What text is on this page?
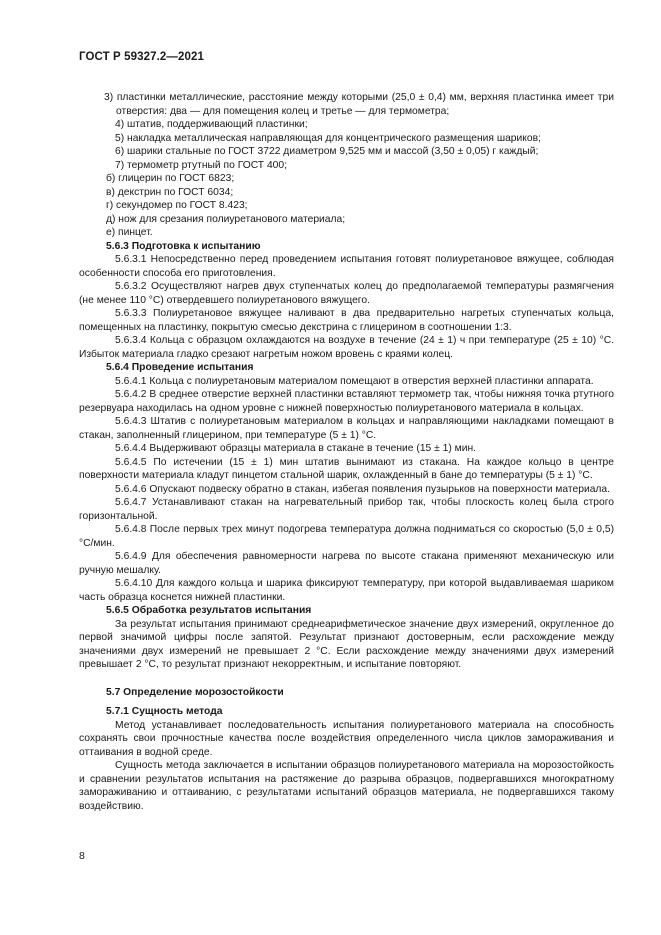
ГОСТ Р 59327.2—2021

3) пластинки металлические, расстояние между которыми (25,0 ± 0,4) мм, верхняя пластинка имеет три отверстия: два — для помещения колец и третье — для термометра;

4) штатив, поддерживающий пластинки;

5) накладка металлическая направляющая для концентрического размещения шариков;

6) шарики стальные по ГОСТ 3722 диаметром 9,525 мм и массой (3,50 ± 0,05) г каждый;

7) термометр ртутный по ГОСТ 400;

б) глицерин по ГОСТ 6823;

в) декстрин по ГОСТ 6034;

г) секундомер по ГОСТ 8.423;

д) нож для срезания полиуретанового материала;

е) пинцет.

5.6.3 Подготовка к испытанию

5.6.3.1 Непосредственно перед проведением испытания готовят полиуретановое вяжущее, соблюдая особенности способа его приготовления.

5.6.3.2 Осуществляют нагрев двух ступенчатых колец до предполагаемой температуры размягчения (не менее 110 °C) отвердевшего полиуретанового вяжущего.

5.6.3.3 Полиуретановое вяжущее наливают в два предварительно нагретых ступенчатых кольца, помещенных на пластинку, покрытую смесью декстрина с глицерином в соотношении 1:3.

5.6.3.4 Кольца с образцом охлаждаются на воздухе в течение (24 ± 1) ч при температуре (25 ± 10) °C. Избыток материала гладко срезают нагретым ножом вровень с краями колец.

5.6.4 Проведение испытания

5.6.4.1 Кольца с полиуретановым материалом помещают в отверстия верхней пластинки аппарата.

5.6.4.2 В среднее отверстие верхней пластинки вставляют термометр так, чтобы нижняя точка ртутного резервуара находилась на одном уровне с нижней поверхностью полиуретанового материала в кольцах.

5.6.4.3 Штатив с полиуретановым материалом в кольцах и направляющими накладками помещают в стакан, заполненный глицерином, при температуре (5 ± 1) °C.

5.6.4.4 Выдерживают образцы материала в стакане в течение (15 ± 1) мин.

5.6.4.5 По истечении (15 ± 1) мин штатив вынимают из стакана. На каждое кольцо в центре поверхности материала кладут пинцетом стальной шарик, охлажденный в бане до температуры (5 ± 1) °C.

5.6.4.6 Опускают подвеску обратно в стакан, избегая появления пузырьков на поверхности материала.

5.6.4.7 Устанавливают стакан на нагревательный прибор так, чтобы плоскость колец была строго горизонтальной.

5.6.4.8 После первых трех минут подогрева температура должна подниматься со скоростью (5,0 ± 0,5) °C/мин.

5.6.4.9 Для обеспечения равномерности нагрева по высоте стакана применяют механическую или ручную мешалку.

5.6.4.10 Для каждого кольца и шарика фиксируют температуру, при которой выдавливаемая шариком часть образца коснется нижней пластинки.

5.6.5 Обработка результатов испытания

За результат испытания принимают среднеарифметическое значение двух измерений, округленное до первой значимой цифры после запятой. Результат признают достоверным, если расхождение между значениями двух измерений не превышает 2 °C. Если расхождение между значениями двух измерений превышает 2 °C, то результат признают некорректным, и испытание повторяют.

5.7 Определение морозостойкости

5.7.1 Сущность метода

Метод устанавливает последовательность испытания полиуретанового материала на способность сохранять свои прочностные качества после воздействия определенного числа циклов замораживания и оттаивания в водной среде.

Сущность метода заключается в испытании образцов полиуретанового материала на морозостойкость и сравнении результатов испытания на растяжение до разрыва образцов, подвергавшихся многократному замораживанию и оттаиванию, с результатами испытаний образцов материала, не подвергавшихся такому воздействию.

8
